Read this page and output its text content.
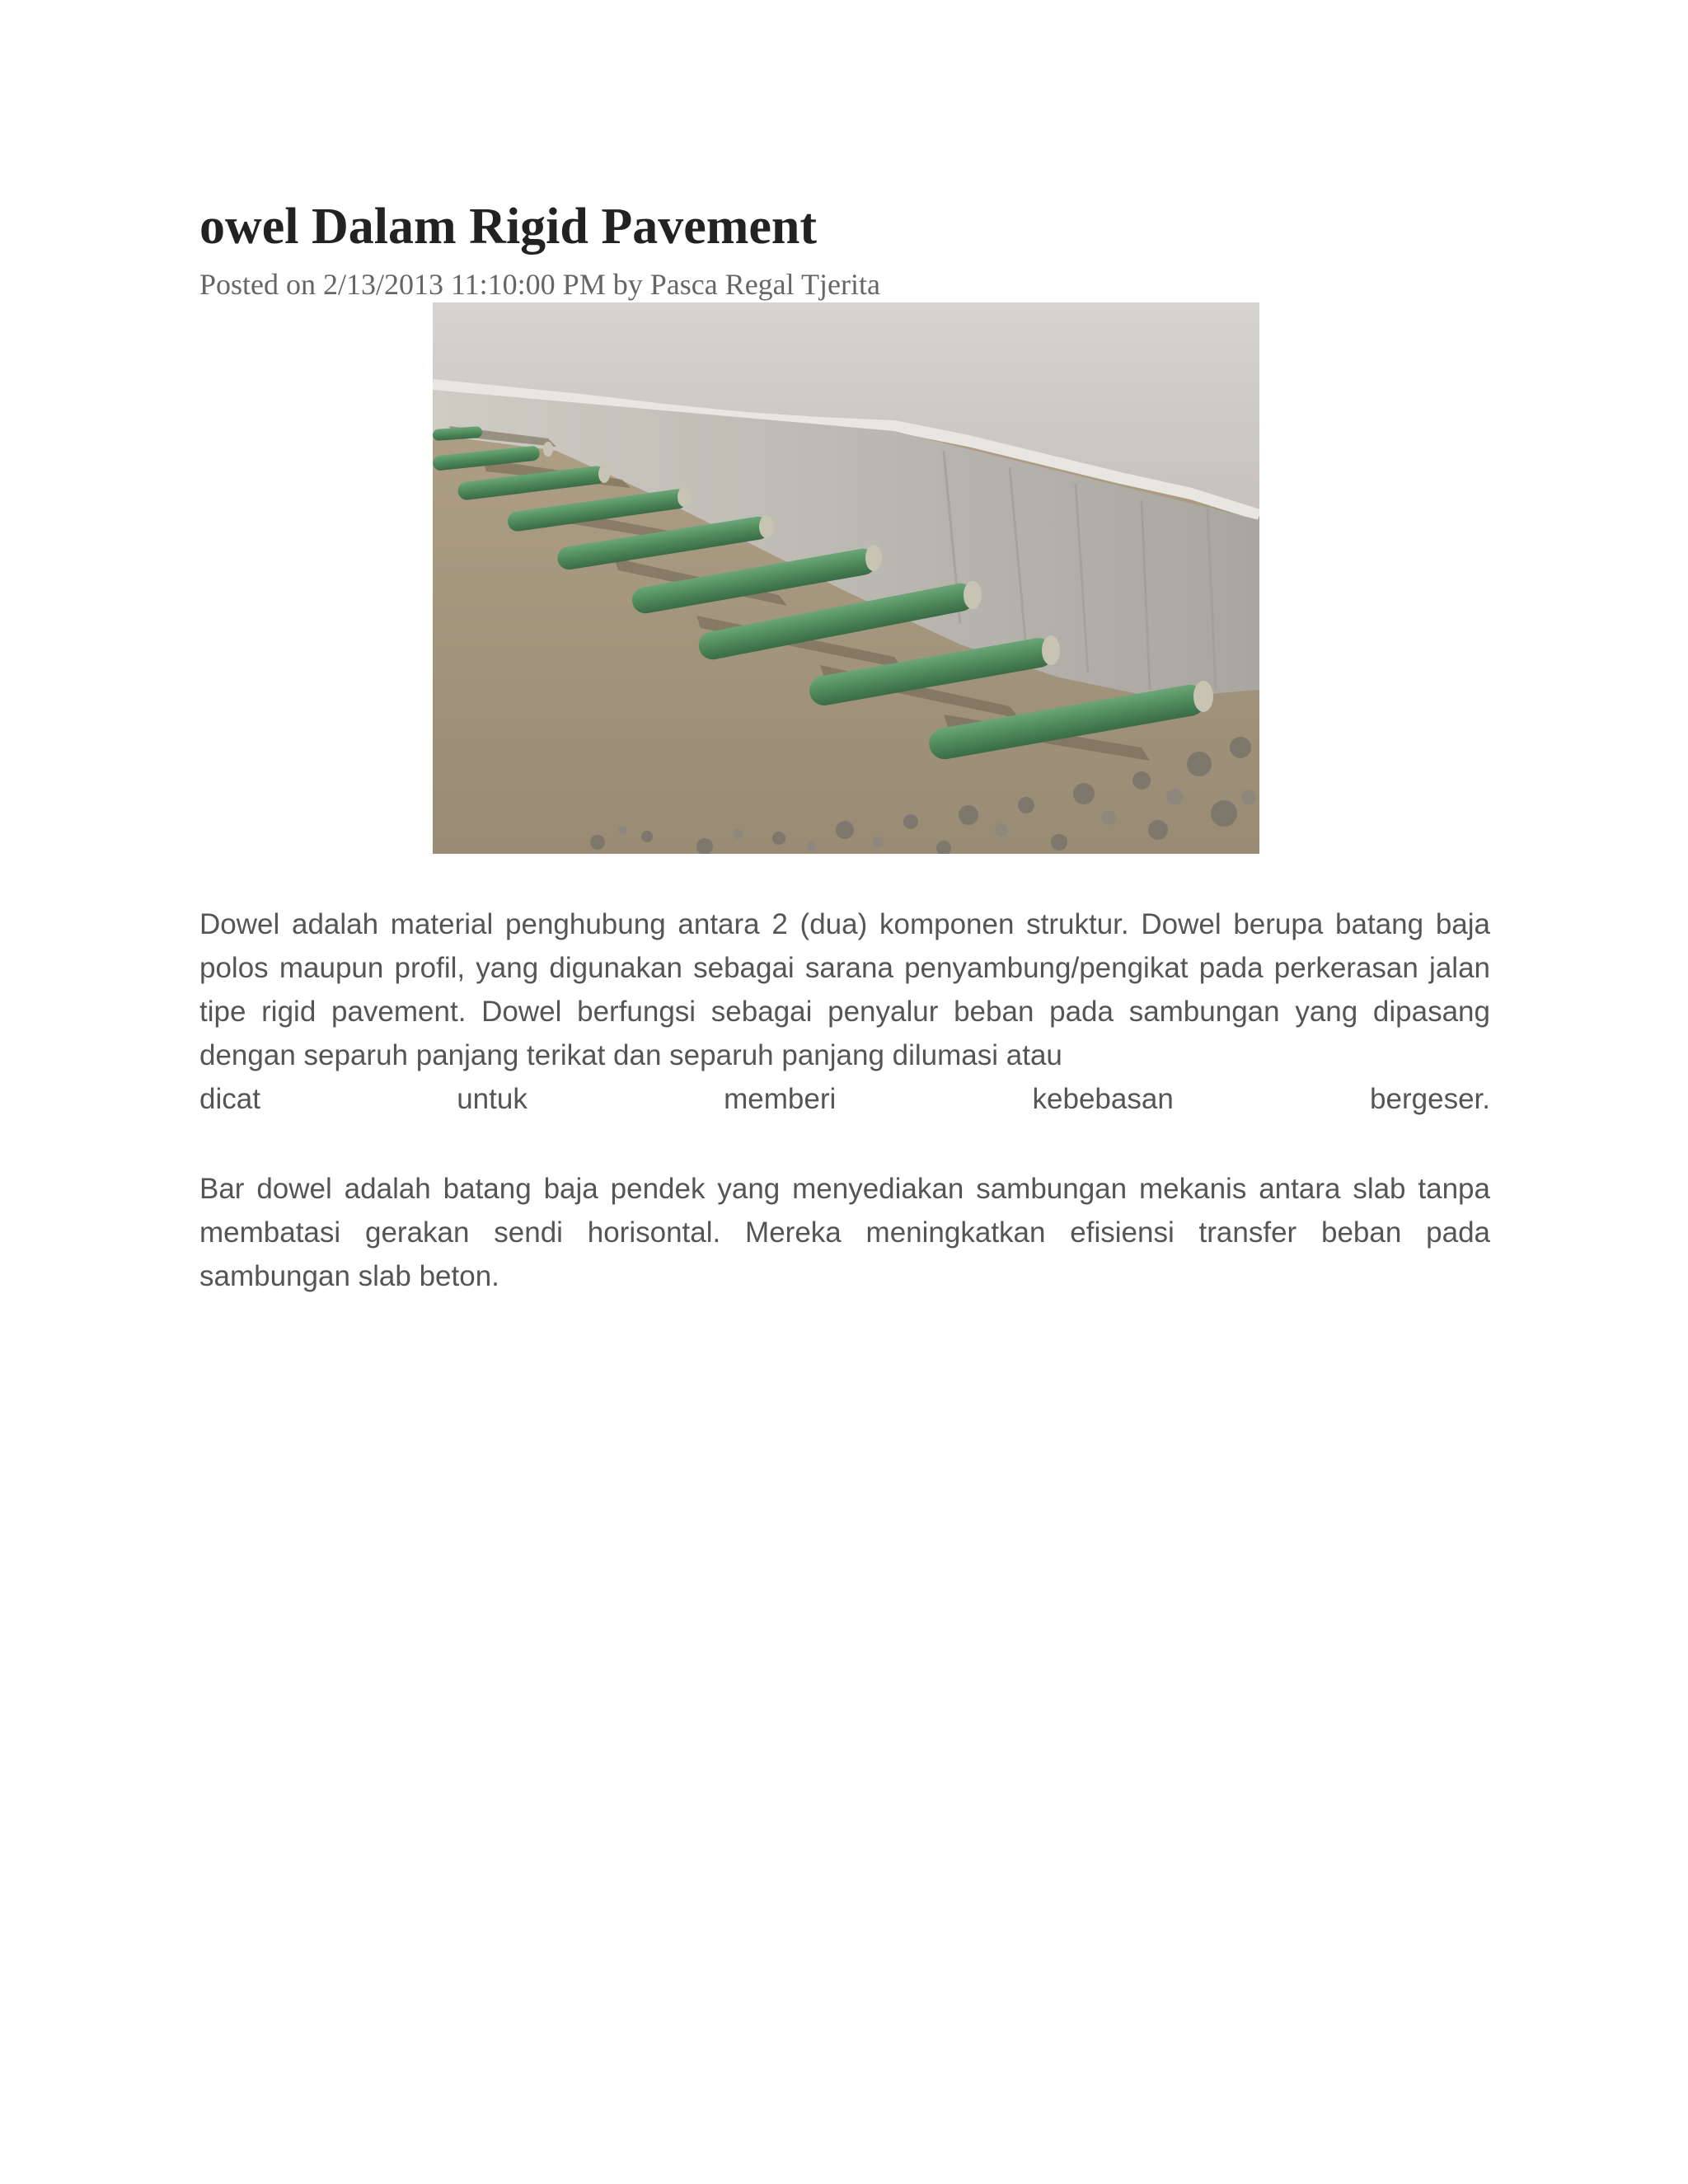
owel Dalam Rigid Pavement
Posted on 2/13/2013 11:10:00 PM by Pasca Regal Tjerita

Dowel adalah material penghubung antara 2 (dua) komponen struktur. Dowel berupa batang baja polos maupun profil, yang digunakan sebagai sarana penyambung/pengikat pada perkerasan jalan tipe rigid pavement. Dowel berfungsi sebagai penyalur beban pada sambungan yang dipasang dengan separuh panjang terikat dan separuh panjang dilumasi atau
dicat untuk memberi kebebasan bergeser.

Bar dowel adalah batang baja pendek yang menyediakan sambungan mekanis antara slab tanpa membatasi gerakan sendi horisontal. Mereka meningkatkan efisiensi transfer beban pada sambungan slab beton.
